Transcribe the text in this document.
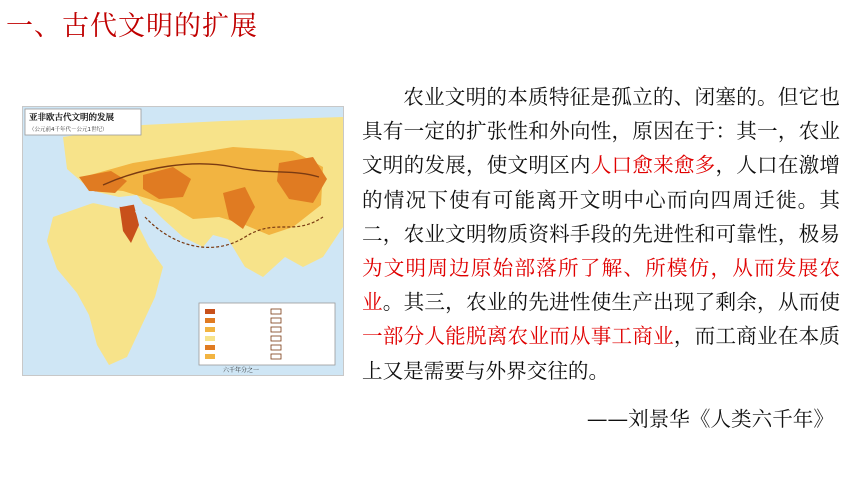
一、古代文明的扩展
亚非欧古代文明的发展
（公元前4千年代－公元1世纪）
六千年分之一

农业文明的本质特征是孤立的、闭塞的。但它也具有一定的扩张性和外向性，原因在于：其一，农业文明的发展，使文明区内人口愈来愈多，人口在激增的情况下使有可能离开文明中心而向四周迁徙。其二，农业文明物质资料手段的先进性和可靠性，极易为文明周边原始部落所了解、所模仿，从而发展农业。其三，农业的先进性使生产出现了剩余，从而使一部分人能脱离农业而从事工商业，而工商业在本质上又是需要与外界交往的。

——刘景华《人类六千年》
